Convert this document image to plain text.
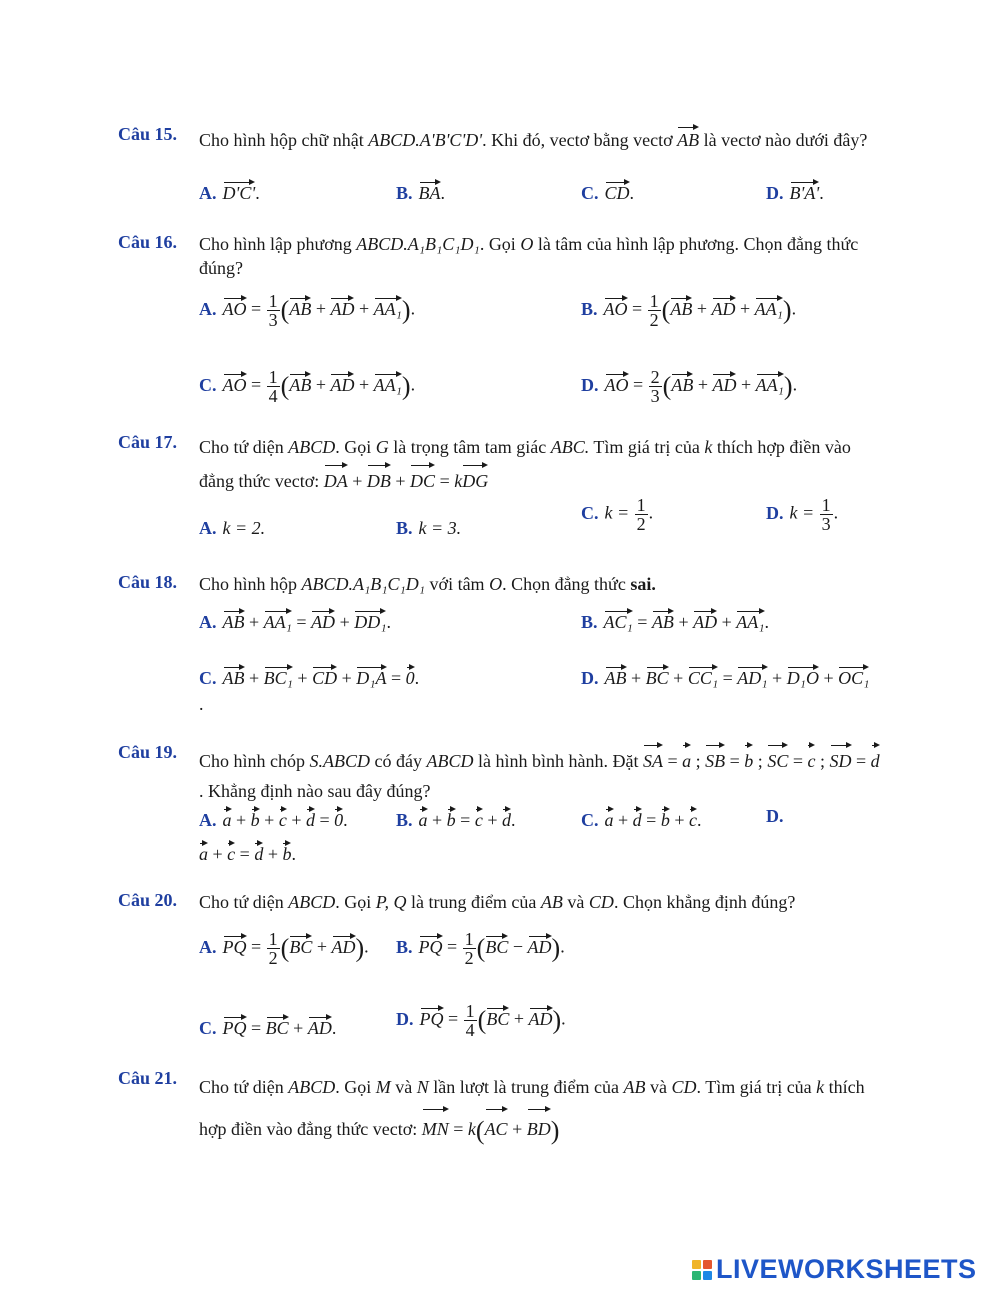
Câu 15. Cho hình hộp chữ nhật ABCD.A'B'C'D'. Khi đó, vectơ bằng vectơ AB là vectơ nào dưới đây?
A. D'C'.	B. BA.	C. CD.	D. B'A'.
Câu 16. Cho hình lập phương ABCD.A₁B₁C₁D₁. Gọi O là tâm của hình lập phương. Chọn đẳng thức đúng?
A. AO = $\frac{1}{3} (AB$ + AD + AA₁).	B. AO = $\frac{1}{2} (AB$ + AD + AA₁).
C. AO = $\frac{1}{4} (AB$ + AD + AA₁).	D. AO = $\frac{2}{3} (AB$ + AD + AA₁).
Câu 17. Cho tứ diện ABCD. Gọi G là trọng tâm tam giác ABC. Tìm giá trị của k thích hợp điền vào đẳng thức vectơ: DA + DB + DC = kDG
A. k = 2.	B. k = 3.
C. $k = \frac{1}{2}$ .	D. $k = \frac{1}{3}$ .
Câu 18. Cho hình hộp ABCD.A₁B₁C₁D₁ với tâm O. Chọn đẳng thức sai.
A. AB + AA₁ = AD + DD₁.	B. AC₁ = AB + AD + AA₁.
C. AB + BC₁ + CD + D₁A = 0.	D. AB + BC + CC₁ = AD₁ + D₁O + OC₁
.
Câu 19. Cho hình chóp S.ABCD có đáy ABCD là hình bình hành. Đặt SA = a ; SB = b ; SC = c ; SD = d. Khẳng định nào sau đây đúng?
A. a + b + c + d = 0.	B. a + b = c + d.	C. a + d = b + c.	D.
a + c = d + b.
Câu 20. Cho tứ diện ABCD. Gọi P, Q là trung điểm của AB và CD. Chọn khẳng định đúng?
A. PQ = $\frac{1}{2} (BC + AD)$. B. PQ = $\frac{1}{2} (BC - AD)$.
C. PQ = BC + AD.	D. PQ = $\frac{1}{4} (BC + AD)$.
Câu 21. Cho tứ diện ABCD. Gọi M và N lần lượt là trung điểm của AB và CD. Tìm giá trị của k thích hợp điền vào đẳng thức vectơ: MN = k(AC + BD)
LIVEWORKSHEETS
